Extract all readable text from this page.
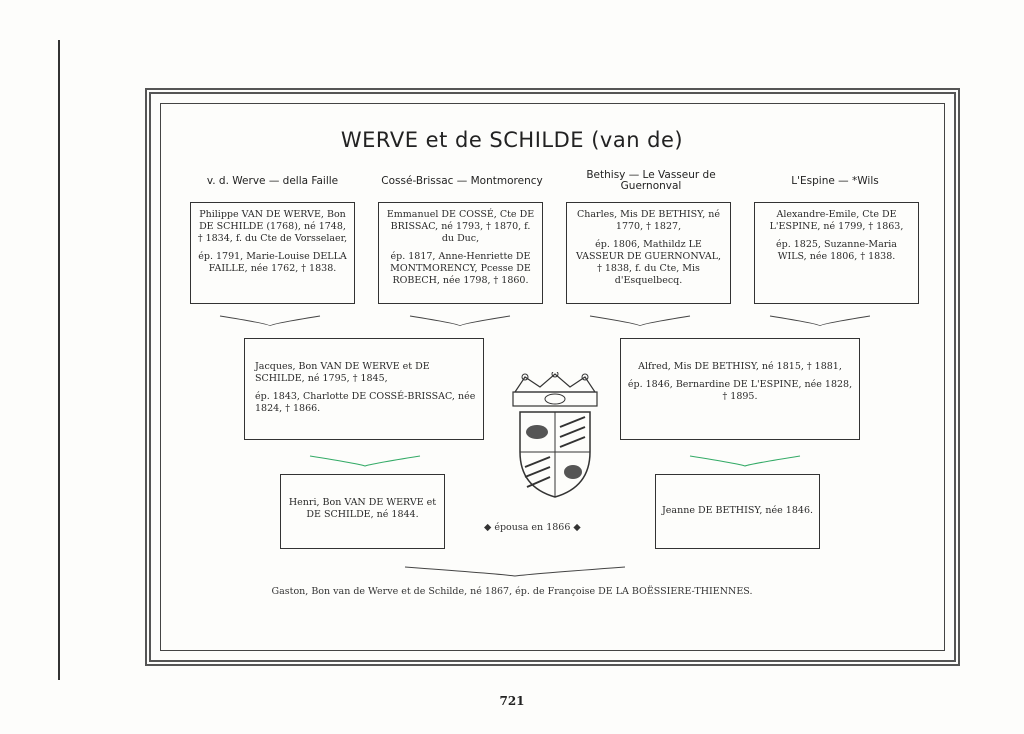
WERVE et de SCHILDE (van de)
v. d. Werve — della Faille	Cossé-Brissac — Montmorency	Bethisy — Le Vasseur de Guernonval	L'Espine — *Wils

Philippe VAN DE WERVE, Bon DE SCHILDE (1768), né 1748, † 1834, f. du Cte de Vorsselaer,

ép. 1791, Marie-Louise DELLA FAILLE, née 1762, † 1838.

Emmanuel DE COSSÉ, Cte DE BRISSAC, né 1793, † 1870, f. du Duc,

ép. 1817, Anne-Henriette DE MONTMORENCY, Pcesse DE ROBECH, née 1798, † 1860.

Charles, Mis DE BETHISY, né 1770, † 1827,

ép. 1806, Mathildz LE VASSEUR DE GUERNONVAL, † 1838, f. du Cte, Mis d'Esquelbecq.

Alexandre-Emile, Cte DE L'ESPINE, né 1799, † 1863,

ép. 1825, Suzanne-Maria WILS, née 1806, † 1838.

Jacques, Bon VAN DE WERVE et DE SCHILDE, né 1795, † 1845,

ép. 1843, Charlotte DE COSSÉ-BRISSAC, née 1824, † 1866.

Alfred, Mis DE BETHISY, né 1815, † 1881,

ép. 1846, Bernardine DE L'ESPINE, née 1828, † 1895.

Henri, Bon VAN DE WERVE et DE SCHILDE, né 1844.	Jeanne DE BETHISY, née 1846.

◆ épousa en 1866 ◆
Gaston, Bon van de Werve et de Schilde, né 1867, ép. de Françoise DE LA BOËSSIERE-THIENNES.
721
